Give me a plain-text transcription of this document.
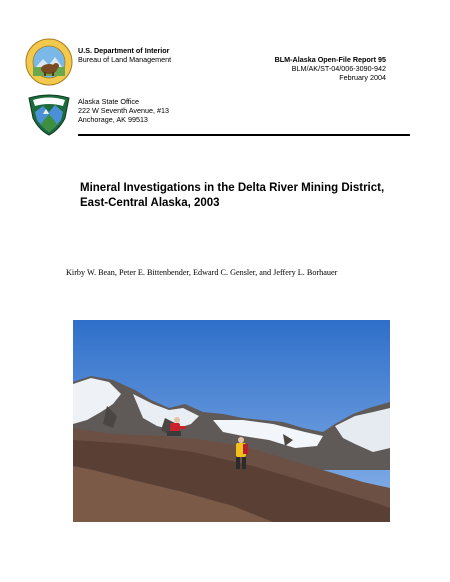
U.S. Department of Interior
Bureau of Land Management
Alaska State Office
222 W Seventh Avenue, #13
Anchorage, AK 99513
BLM-Alaska Open-File Report 95
BLM/AK/ST-04/006-3090-942
February 2004
Mineral Investigations in the Delta River Mining District,
East-Central Alaska, 2003
Kirby W. Bean, Peter E. Bittenbender, Edward C. Gensler, and Jeffery L. Borhauer
